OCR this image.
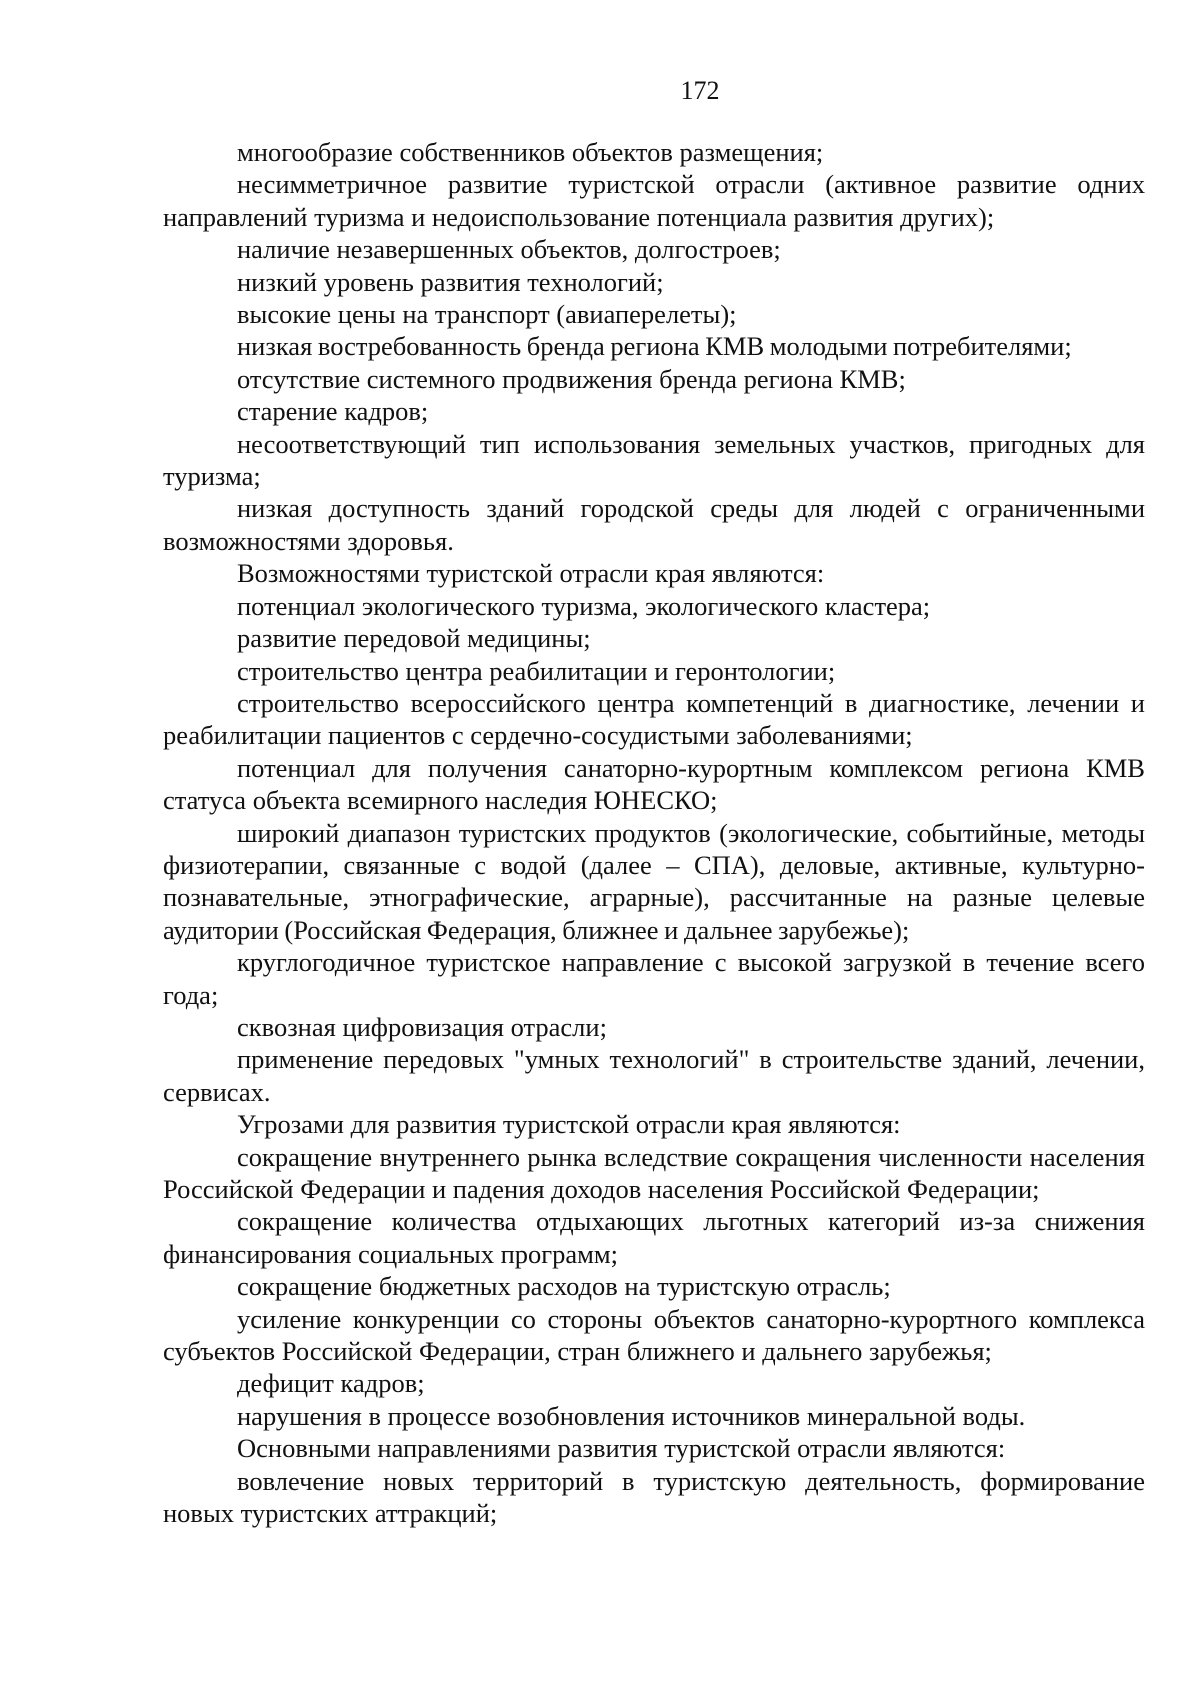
172

многообразие собственников объектов размещения;

несимметричное развитие туристской отрасли (активное развитие одних направлений туризма и недоиспользование потенциала развития других);

наличие незавершенных объектов, долгостроев;

низкий уровень развития технологий;

высокие цены на транспорт (авиаперелеты);

низкая востребованность бренда региона КМВ молодыми потребителями;

отсутствие системного продвижения бренда региона КМВ;

старение кадров;

несоответствующий тип использования земельных участков, пригодных для туризма;

низкая доступность зданий городской среды для людей с ограниченными возможностями здоровья.

Возможностями туристской отрасли края являются:

потенциал экологического туризма, экологического кластера;

развитие передовой медицины;

строительство центра реабилитации и геронтологии;

строительство всероссийского центра компетенций в диагностике, лечении и реабилитации пациентов с сердечно-сосудистыми заболеваниями;

потенциал для получения санаторно-курортным комплексом региона КМВ статуса объекта всемирного наследия ЮНЕСКО;

широкий диапазон туристских продуктов (экологические, событийные, методы физиотерапии, связанные с водой (далее – СПА), деловые, активные, культурно-познавательные, этнографические, аграрные), рассчитанные на разные целевые аудитории (Российская Федерация, ближнее и дальнее зарубежье);

круглогодичное туристское направление с высокой загрузкой в течение всего года;

сквозная цифровизация отрасли;

применение передовых "умных технологий" в строительстве зданий, лечении, сервисах.

Угрозами для развития туристской отрасли края являются:

сокращение внутреннего рынка вследствие сокращения численности населения Российской Федерации и падения доходов населения Российской Федерации;

сокращение количества отдыхающих льготных категорий из-за снижения финансирования социальных программ;

сокращение бюджетных расходов на туристскую отрасль;

усиление конкуренции со стороны объектов санаторно-курортного комплекса субъектов Российской Федерации, стран ближнего и дальнего зарубежья;

дефицит кадров;

нарушения в процессе возобновления источников минеральной воды.

Основными направлениями развития туристской отрасли являются:

вовлечение новых территорий в туристскую деятельность, формирование новых туристских аттракций;
